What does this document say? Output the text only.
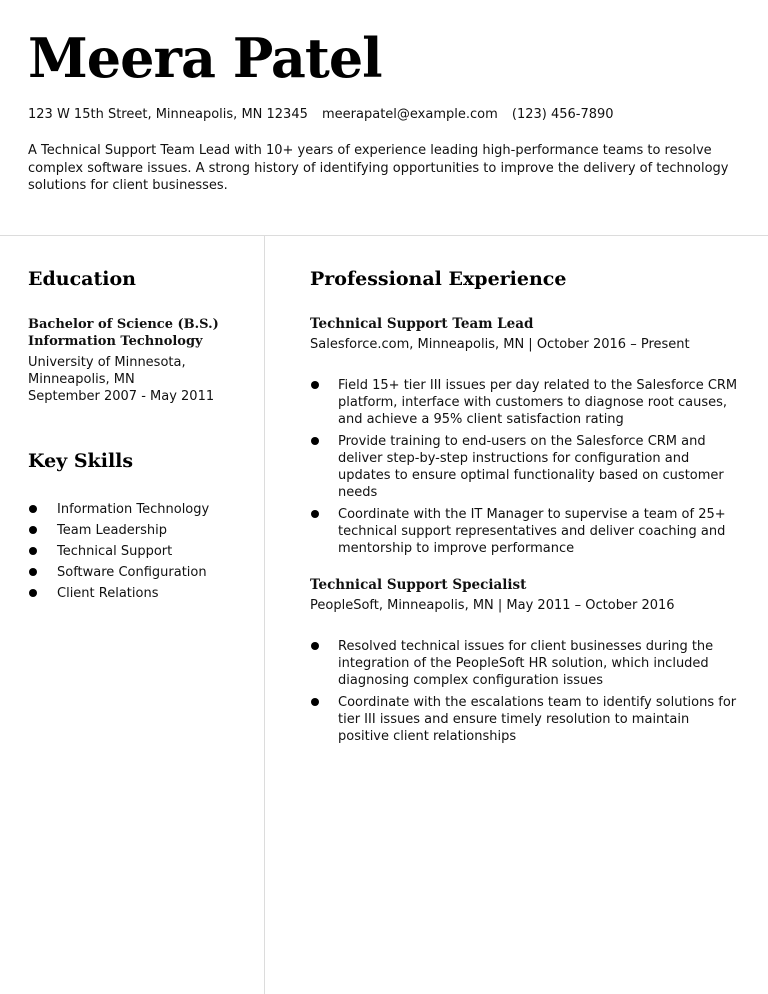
Meera Patel
123 W 15th Street, Minneapolis, MN 12345 meerapatel@example.com (123) 456-7890

A Technical Support Team Lead with 10+ years of experience leading high-performance teams to resolve complex software issues. A strong history of identifying opportunities to improve the delivery of technology solutions for client businesses.

Education
Bachelor of Science (B.S.)
Information Technology
University of Minnesota,
Minneapolis, MN
September 2007 - May 2011
Key Skills
Information Technology
Team Leadership
Technical Support
Software Configuration
Client Relations
Professional Experience
Technical Support Team Lead
Salesforce.com, Minneapolis, MN | October 2016 – Present
Field 15+ tier III issues per day related to the Salesforce CRM platform, interface with customers to diagnose root causes, and achieve a 95% client satisfaction rating
Provide training to end-users on the Salesforce CRM and deliver step-by-step instructions for configuration and updates to ensure optimal functionality based on customer needs
Coordinate with the IT Manager to supervise a team of 25+ technical support representatives and deliver coaching and mentorship to improve performance
Technical Support Specialist
PeopleSoft, Minneapolis, MN | May 2011 – October 2016
Resolved technical issues for client businesses during the integration of the PeopleSoft HR solution, which included diagnosing complex configuration issues
Coordinate with the escalations team to identify solutions for tier III issues and ensure timely resolution to maintain positive client relationships
